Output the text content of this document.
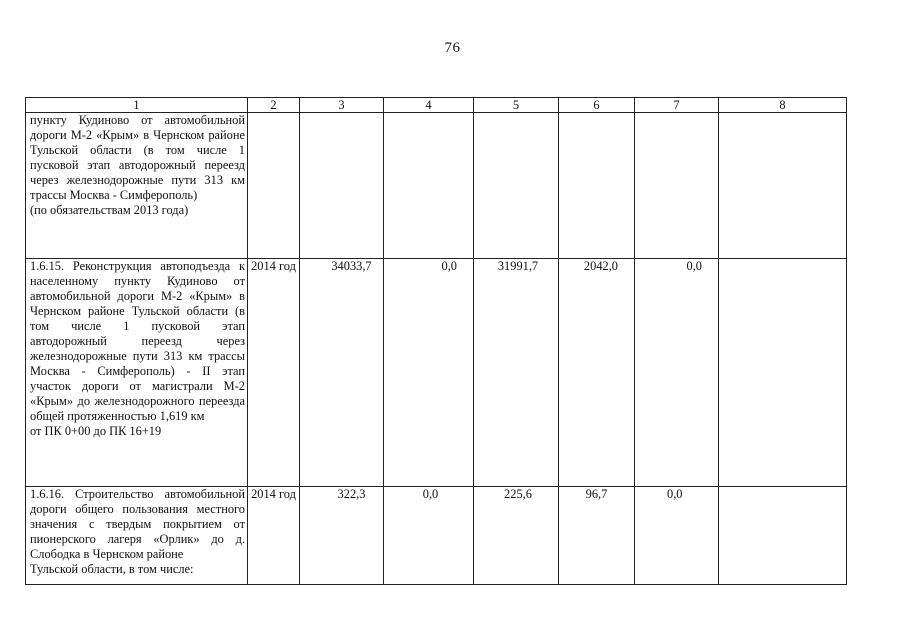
76
1	2	3	4	5	6	7	8

пункту Кудиново от автомобильной дороги М-2 «Крым» в Чернском районе Тульской области (в том числе 1 пусковой этап автодорожный переезд через железнодорожные пути 313 км трассы Москва - Симферополь)
(по обязательствам 2013 года)							

1.6.15. Реконструкция автоподъезда к населенному пункту Кудиново от автомобильной дороги М-2 «Крым» в Чернском районе Тульской области (в том числе 1 пусковой этап автодорожный переезд через железнодорожные пути 313 км трассы Москва - Симферополь) - II этап участок дороги от магистрали М-2 «Крым» до железнодорожного переезда общей протяженностью 1,619 км
от ПК 0+00 до ПК 16+19	2014 год	34033,7	0,0	31991,7	2042,0	0,0	

1.6.16. Строительство автомобильной дороги общего пользования местного значения с твердым покрытием от пионерского лагеря «Орлик» до д. Слободка в Чернском районе
Тульской области, в том числе:	2014 год	322,3	0,0	225,6	96,7	0,0	
